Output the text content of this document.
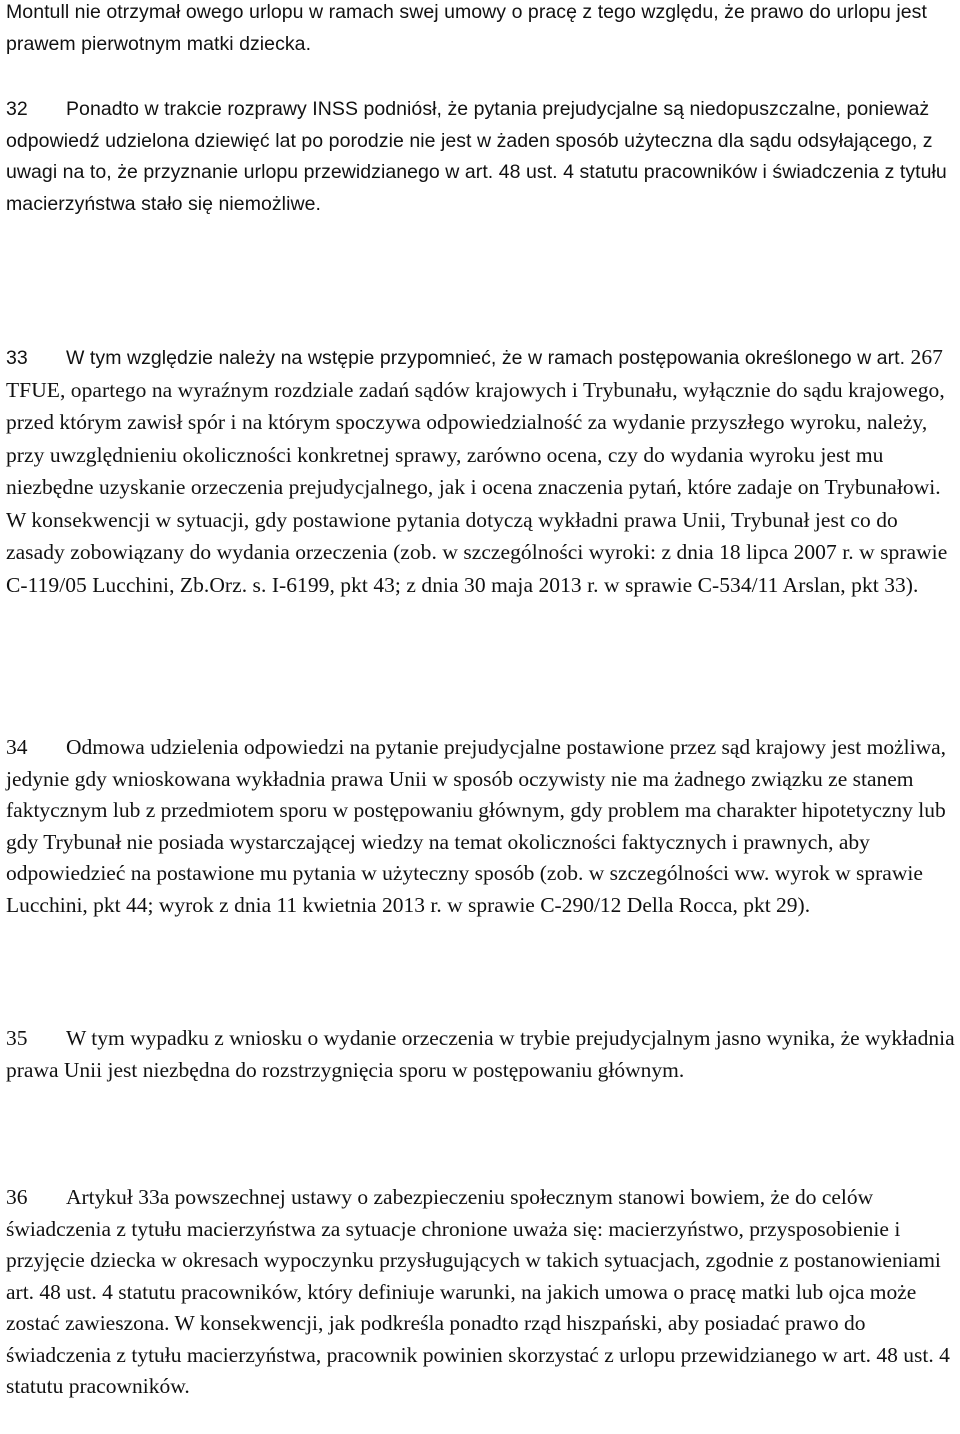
Montull nie otrzymał owego urlopu w ramach swej umowy o pracę z tego względu, że prawo do urlopu jest prawem pierwotnym matki dziecka.

32 Ponadto w trakcie rozprawy INSS podniósł, że pytania prejudycjalne są niedopuszczalne, ponieważ odpowiedź udzielona dziewięć lat po porodzie nie jest w żaden sposób użyteczna dla sądu odsyłającego, z uwagi na to, że przyznanie urlopu przewidzianego w art. 48 ust. 4 statutu pracowników i świadczenia z tytułu macierzyństwa stało się niemożliwe.

33 W tym względzie należy na wstępie przypomnieć, że w ramach postępowania określonego w art. 267 TFUE, opartego na wyraźnym rozdziale zadań sądów krajowych i Trybunału, wyłącznie do sądu krajowego, przed którym zawisł spór i na którym spoczywa odpowiedzialność za wydanie przyszłego wyroku, należy, przy uwzględnieniu okoliczności konkretnej sprawy, zarówno ocena, czy do wydania wyroku jest mu niezbędne uzyskanie orzeczenia prejudycjalnego, jak i ocena znaczenia pytań, które zadaje on Trybunałowi. W konsekwencji w sytuacji, gdy postawione pytania dotyczą wykładni prawa Unii, Trybunał jest co do zasady zobowiązany do wydania orzeczenia (zob. w szczególności wyroki: z dnia 18 lipca 2007 r. w sprawie C‑119/05 Lucchini, Zb.Orz. s. I‑6199, pkt 43; z dnia 30 maja 2013 r. w sprawie C‑534/11 Arslan, pkt 33).

34 Odmowa udzielenia odpowiedzi na pytanie prejudycjalne postawione przez sąd krajowy jest możliwa, jedynie gdy wnioskowana wykładnia prawa Unii w sposób oczywisty nie ma żadnego związku ze stanem faktycznym lub z przedmiotem sporu w postępowaniu głównym, gdy problem ma charakter hipotetyczny lub gdy Trybunał nie posiada wystarczającej wiedzy na temat okoliczności faktycznych i prawnych, aby odpowiedzieć na postawione mu pytania w użyteczny sposób (zob. w szczególności ww. wyrok w sprawie Lucchini, pkt 44; wyrok z dnia 11 kwietnia 2013 r. w sprawie C‑290/12 Della Rocca, pkt 29).

35 W tym wypadku z wniosku o wydanie orzeczenia w trybie prejudycjalnym jasno wynika, że wykładnia prawa Unii jest niezbędna do rozstrzygnięcia sporu w postępowaniu głównym.

36 Artykuł 33a powszechnej ustawy o zabezpieczeniu społecznym stanowi bowiem, że do celów świadczenia z tytułu macierzyństwa za sytuacje chronione uważa się: macierzyństwo, przysposobienie i przyjęcie dziecka w okresach wypoczynku przysługujących w takich sytuacjach, zgodnie z postanowieniami art. 48 ust. 4 statutu pracowników, który definiuje warunki, na jakich umowa o pracę matki lub ojca może zostać zawieszona. W konsekwencji, jak podkreśla ponadto rząd hiszpański, aby posiadać prawo do świadczenia z tytułu macierzyństwa, pracownik powinien skorzystać z urlopu przewidzianego w art. 48 ust. 4 statutu pracowników.
